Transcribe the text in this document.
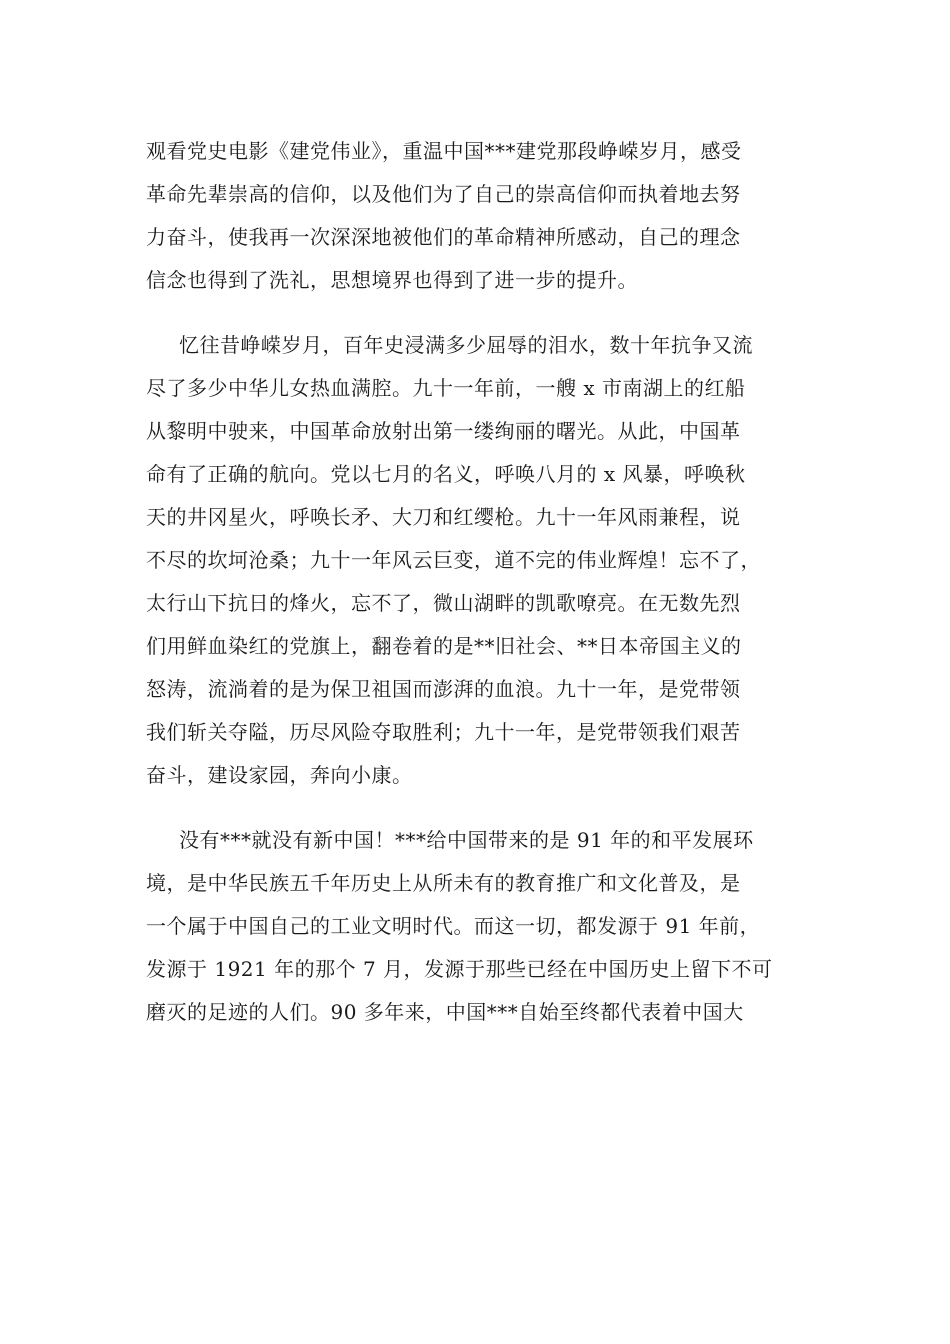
观看党史电影《建党伟业》，重温中国***建党那段峥嵘岁月，感受
革命先辈崇高的信仰，以及他们为了自己的崇高信仰而执着地去努
力奋斗，使我再一次深深地被他们的革命精神所感动，自己的理念
信念也得到了洗礼，思想境界也得到了进一步的提升。

忆往昔峥嵘岁月，百年史浸满多少屈辱的泪水，数十年抗争又流
尽了多少中华儿女热血满腔。九十一年前，一艘 x 市南湖上的红船
从黎明中驶来，中国革命放射出第一缕绚丽的曙光。从此，中国革
命有了正确的航向。党以七月的名义，呼唤八月的 x 风暴，呼唤秋
天的井冈星火，呼唤长矛、大刀和红缨枪。九十一年风雨兼程，说
不尽的坎坷沧桑；九十一年风云巨变，道不完的伟业辉煌！忘不了，
太行山下抗日的烽火，忘不了，微山湖畔的凯歌嘹亮。在无数先烈
们用鲜血染红的党旗上，翻卷着的是**旧社会、**日本帝国主义的
怒涛，流淌着的是为保卫祖国而澎湃的血浪。九十一年，是党带领
我们斩关夺隘，历尽风险夺取胜利；九十一年，是党带领我们艰苦
奋斗，建设家园，奔向小康。

没有***就没有新中国！***给中国带来的是 91 年的和平发展环
境，是中华民族五千年历史上从所未有的教育推广和文化普及，是
一个属于中国自己的工业文明时代。而这一切，都发源于 91 年前，
发源于 1921 年的那个 7 月，发源于那些已经在中国历史上留下不可
磨灭的足迹的人们。90 多年来，中国***自始至终都代表着中国大
